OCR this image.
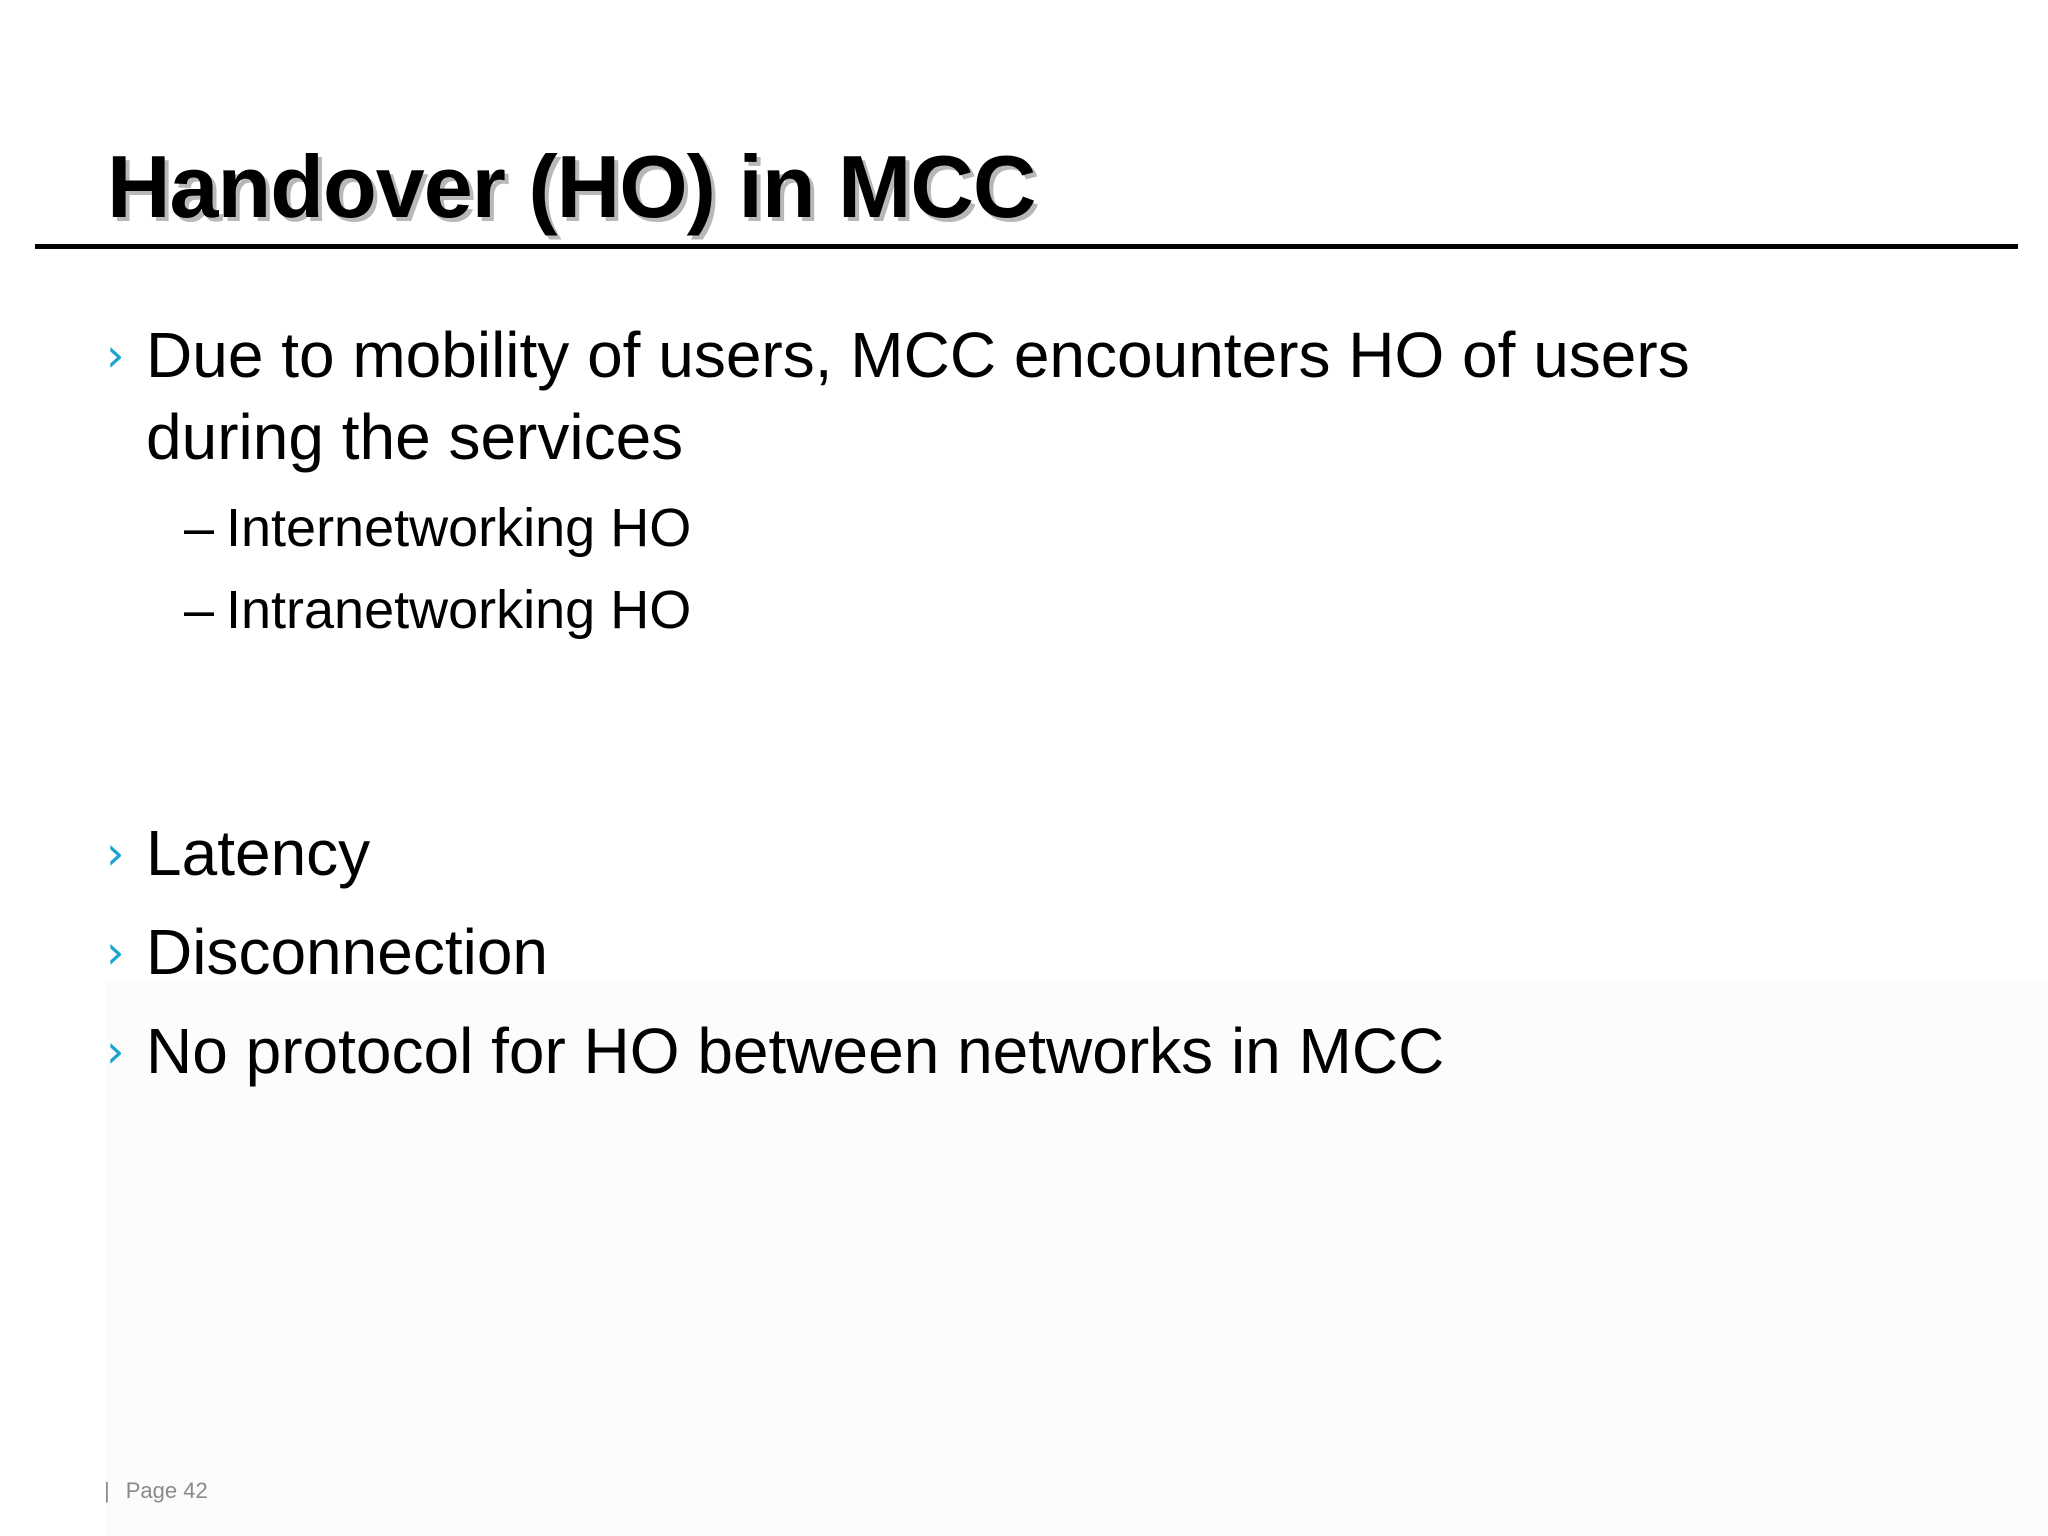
Handover (HO) in MCC
› Due to mobility of users, MCC encounters HO of users
during the services
– Internetworking HO
– Intranetworking HO
› Latency
› Disconnection
› No protocol for HO between networks in MCC
| Page 42
